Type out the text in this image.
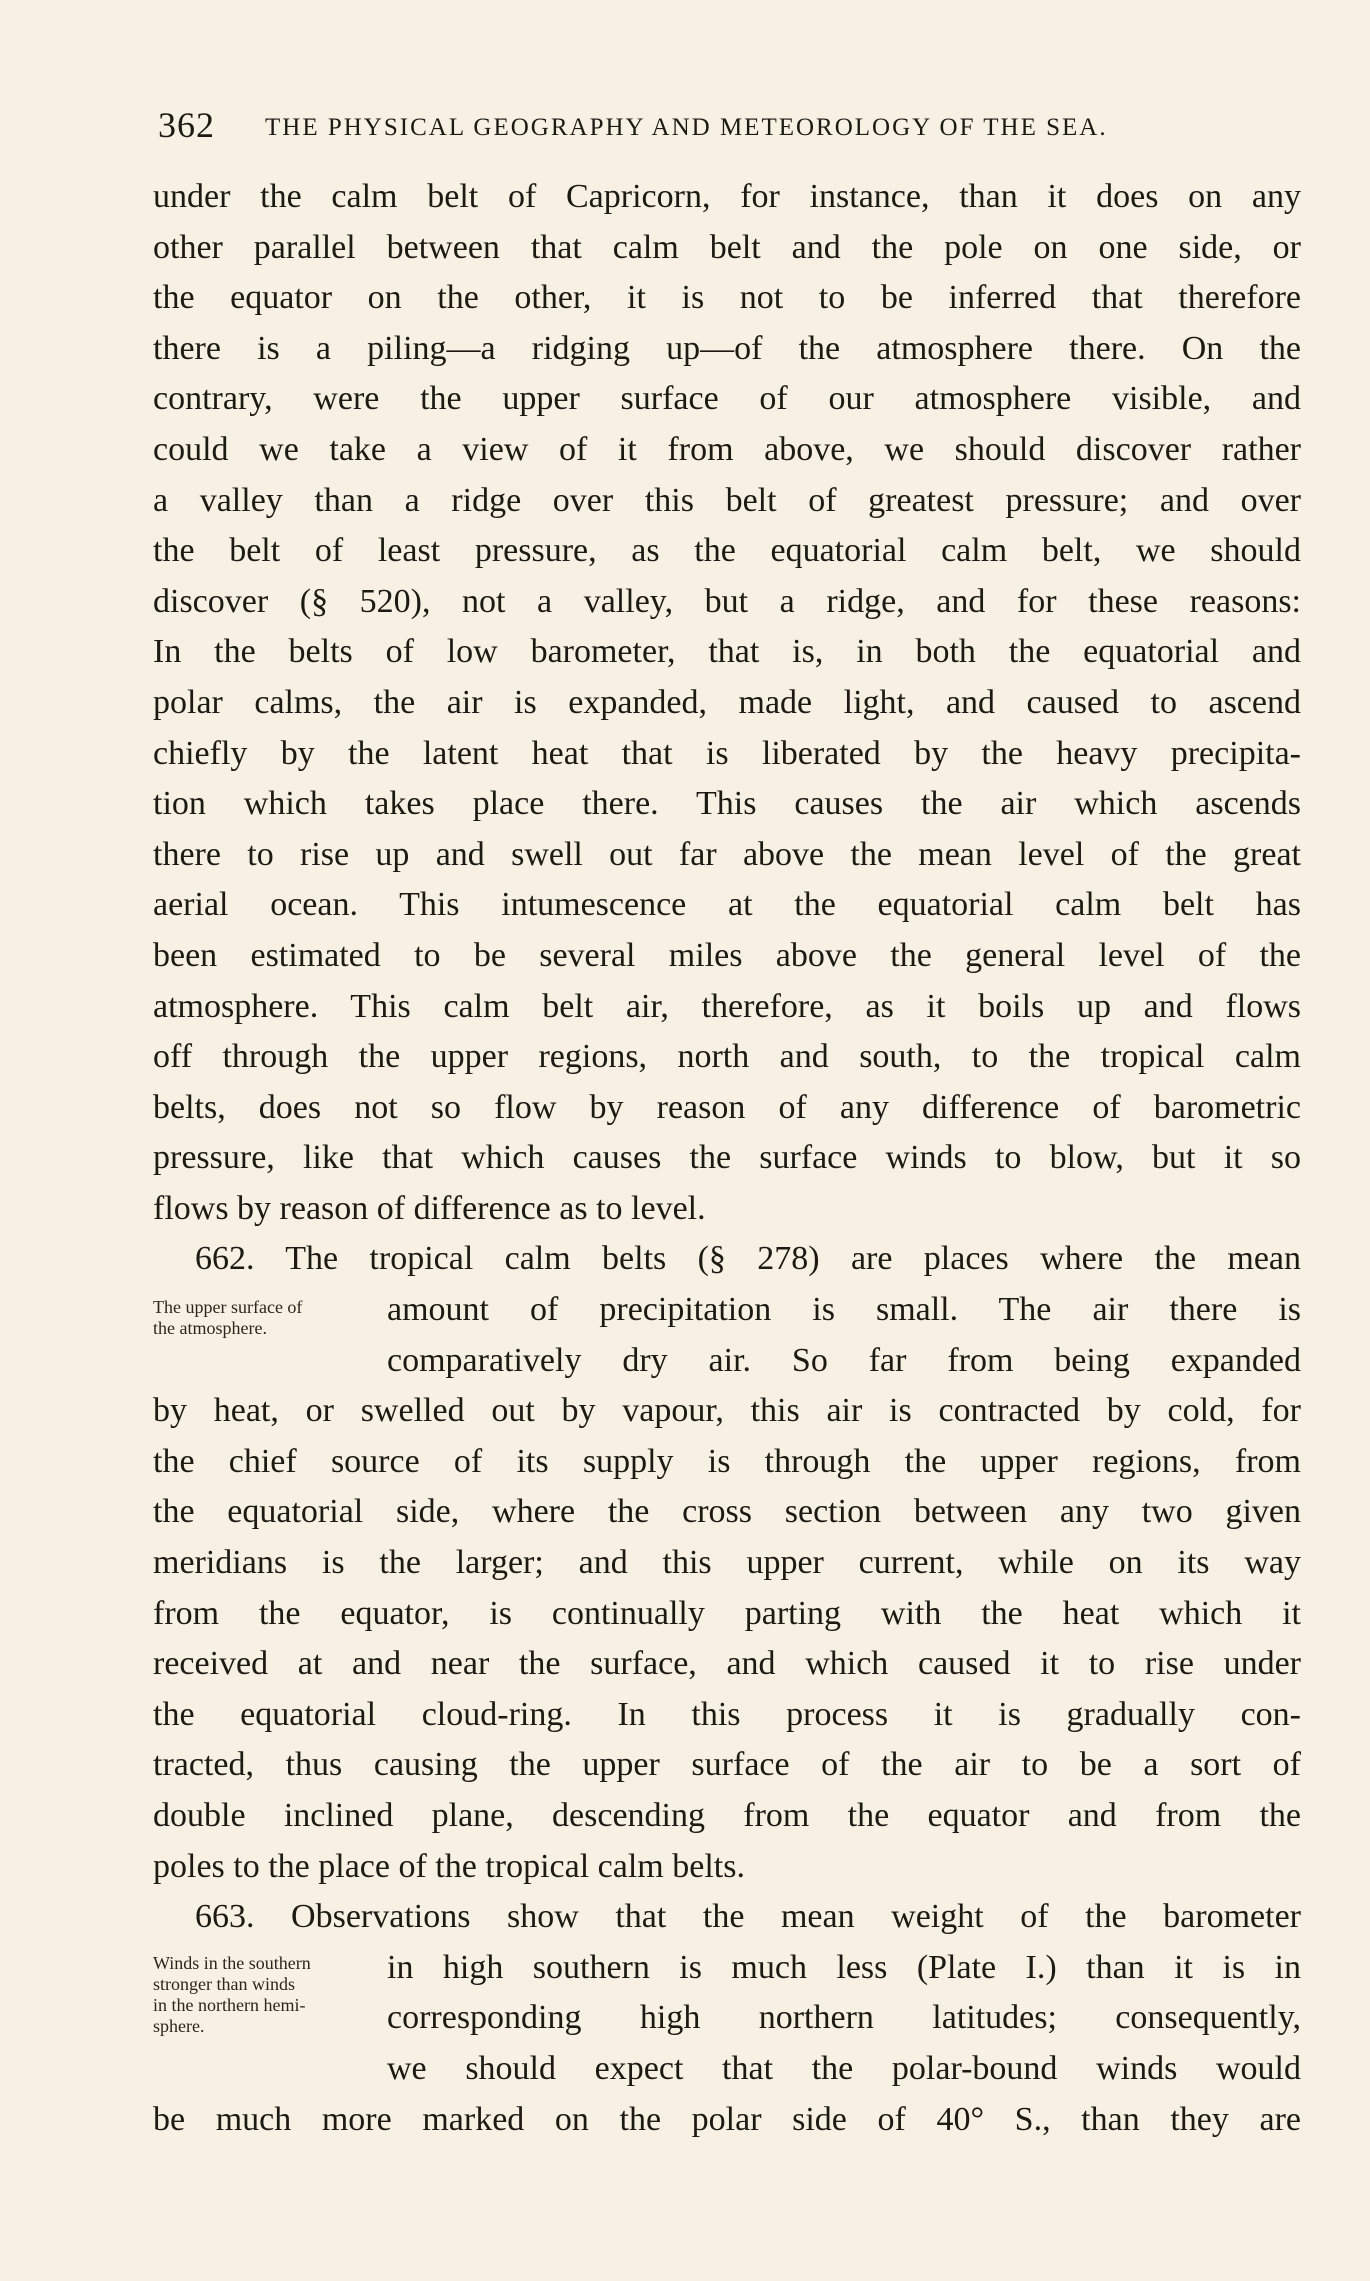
362 THE PHYSICAL GEOGRAPHY AND METEOROLOGY OF THE SEA.
under the calm belt of Capricorn, for instance, than it does on any
other parallel between that calm belt and the pole on one side, or
the equator on the other, it is not to be inferred that therefore
there is a piling—a ridging up—of the atmosphere there. On the
contrary, were the upper surface of our atmosphere visible, and
could we take a view of it from above, we should discover rather
a valley than a ridge over this belt of greatest pressure; and over
the belt of least pressure, as the equatorial calm belt, we should
discover (§ 520), not a valley, but a ridge, and for these reasons:
In the belts of low barometer, that is, in both the equatorial and
polar calms, the air is expanded, made light, and caused to ascend
chiefly by the latent heat that is liberated by the heavy precipita-
tion which takes place there. This causes the air which ascends
there to rise up and swell out far above the mean level of the great
aerial ocean. This intumescence at the equatorial calm belt has
been estimated to be several miles above the general level of the
atmosphere. This calm belt air, therefore, as it boils up and flows
off through the upper regions, north and south, to the tropical calm
belts, does not so flow by reason of any difference of barometric
pressure, like that which causes the surface winds to blow, but it so
flows by reason of difference as to level.
662. The tropical calm belts (§ 278) are places where the mean
The upper surface of
the atmosphere.	amount of precipitation is small. The air there is
comparatively dry air. So far from being expanded
by heat, or swelled out by vapour, this air is contracted by cold, for
the chief source of its supply is through the upper regions, from
the equatorial side, where the cross section between any two given
meridians is the larger; and this upper current, while on its way
from the equator, is continually parting with the heat which it
received at and near the surface, and which caused it to rise under
the equatorial cloud-ring. In this process it is gradually con-
tracted, thus causing the upper surface of the air to be a sort of
double inclined plane, descending from the equator and from the
poles to the place of the tropical calm belts.
663. Observations show that the mean weight of the barometer
Winds in the southern
stronger than winds
in the northern hemi-
sphere.
in high southern is much less (Plate I.) than it is in
corresponding high northern latitudes; consequently,
we should expect that the polar-bound winds would
be much more marked on the polar side of 40° S., than they are
